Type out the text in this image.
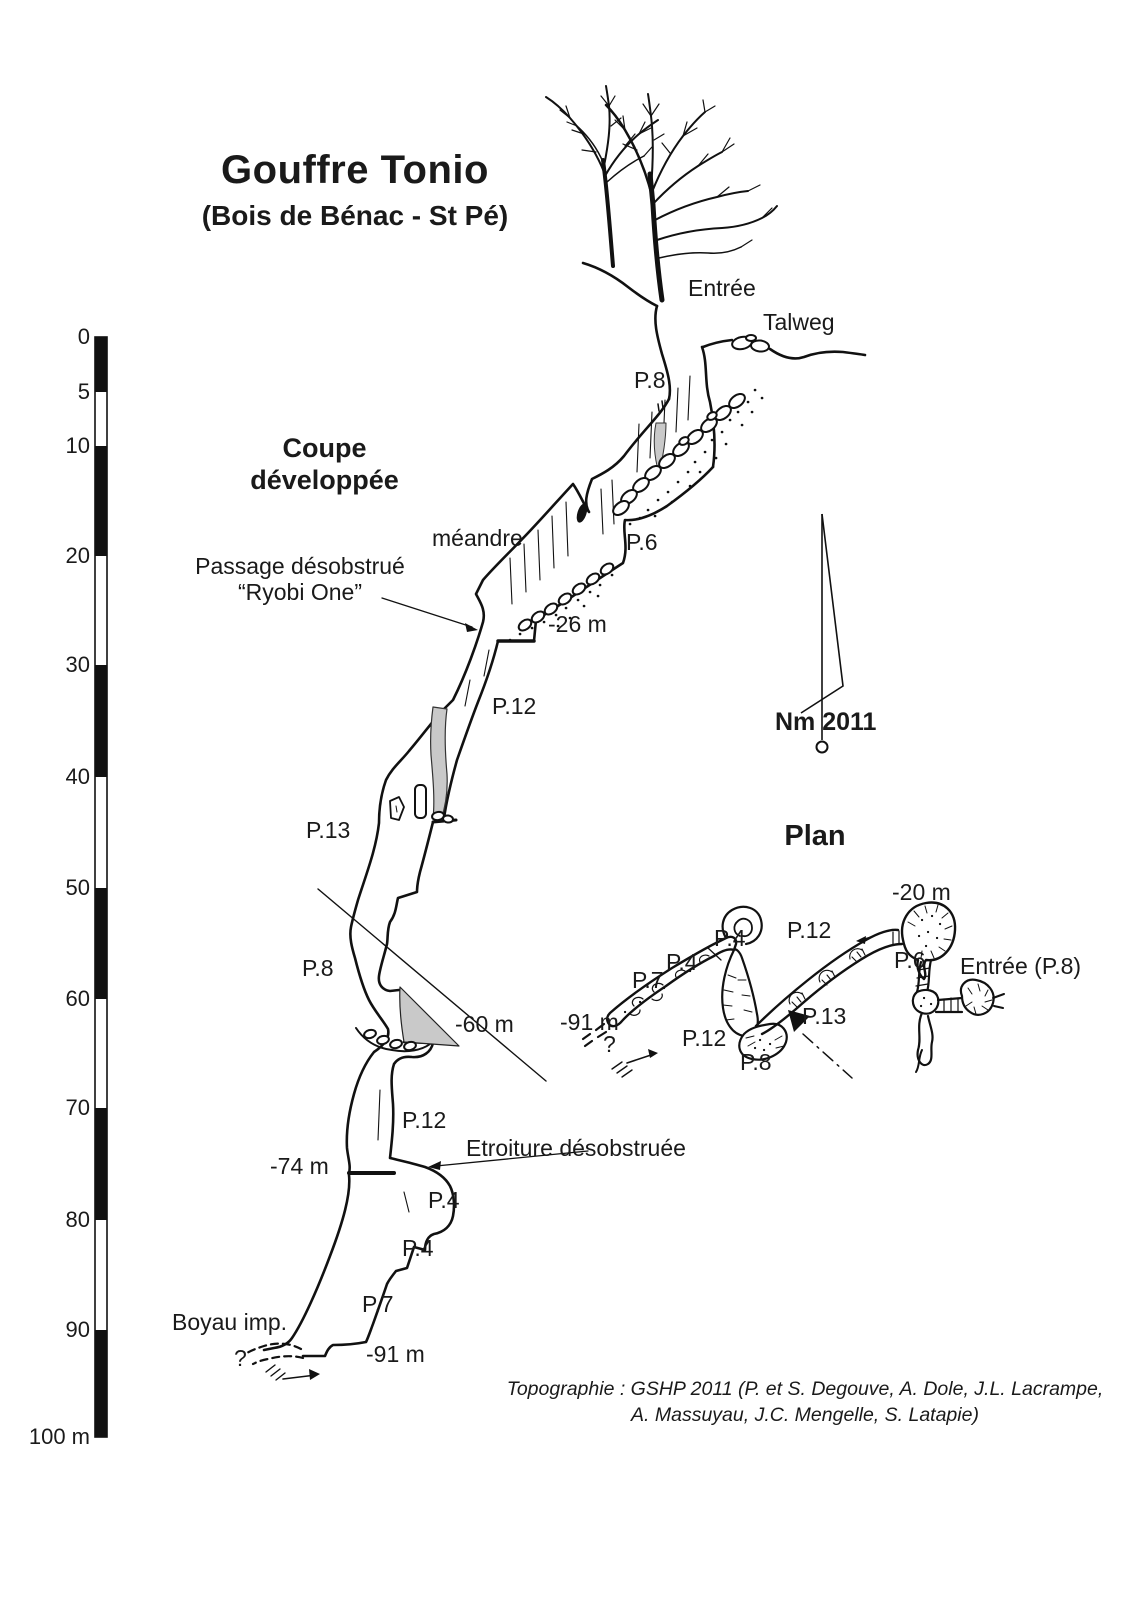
Gouffre Tonio
(Bois de Bénac - St Pé)
Coupe
développée
Entrée
Talweg
P.8
méandre
Passage désobstrué
“Ryobi One”
P.6
-26 m
P.12
P.13
P.8
-60 m
P.12
Etroiture désobstruée
-74 m
P.4
P.4
P.7
Boyau imp.
?	-91 m
Nm 2011
Plan
-20 m
P.12
P.4
P.4
P.7
P.6 Entrée (P.8)
-91 m
?	P.12
P.13
P.8
0
5
10
20
30
40
50
60
70
80
90
100 m
Topographie : GSHP 2011 (P. et S. Degouve, A. Dole, J.L. Lacrampe,
A. Massuyau, J.C. Mengelle, S. Latapie)
